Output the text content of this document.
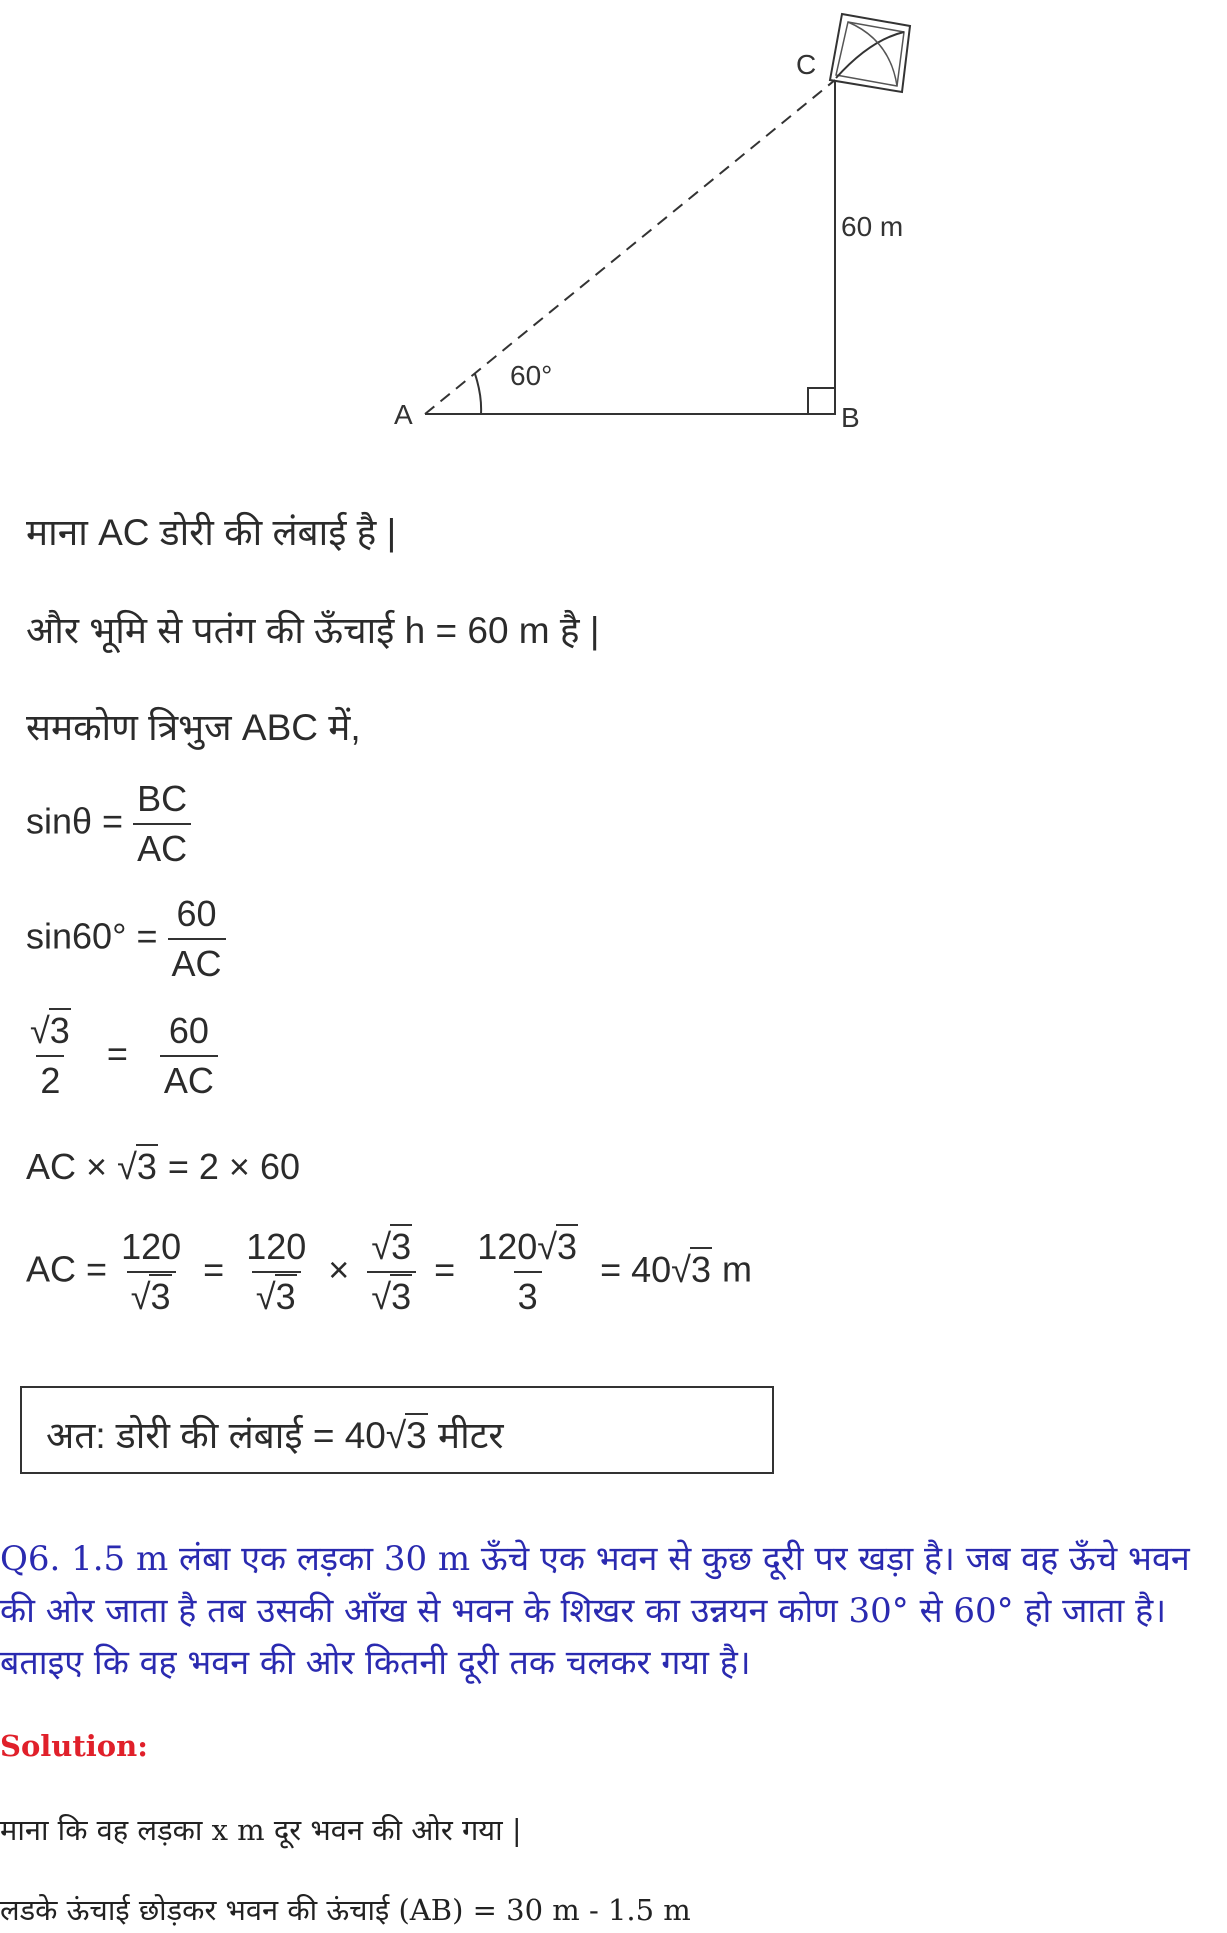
A	B
C
60 m
60°
माना AC डोरी की लंबाई है |
और भूमि से पतंग की ऊँचाई h = 60 m है |
समकोण त्रिभुज ABC में,
$\sin\theta = \frac{BC}{AC}$
$\sin 60^\circ = \frac{60}{AC}$
$\frac{√3}{2} = \frac{60}{AC}$
AC × √3 = 2 × 60
AC = $\frac{120}{√3} = \frac{120}{√3} \times \frac{√3}{√3} = \frac{120√3}{3} = 40√3$ m
अत: डोरी की लंबाई = 40√3 मीटर
Q6. 1.5 m लंबा एक लड़का 30 m ऊँचे एक भवन से कुछ दूरी पर खड़ा है। जब वह ऊँचे भवन की ओर जाता है तब उसकी आँख से भवन के शिखर का उन्नयन कोण 30° से 60° हो जाता है। बताइए कि वह भवन की ओर कितनी दूरी तक चलकर गया है।
Solution:
माना कि वह लड़का x m दूर भवन की ओर गया |
लडके ऊंचाई छोड़कर भवन की ऊंचाई (AB) = 30 m - 1.5 m
